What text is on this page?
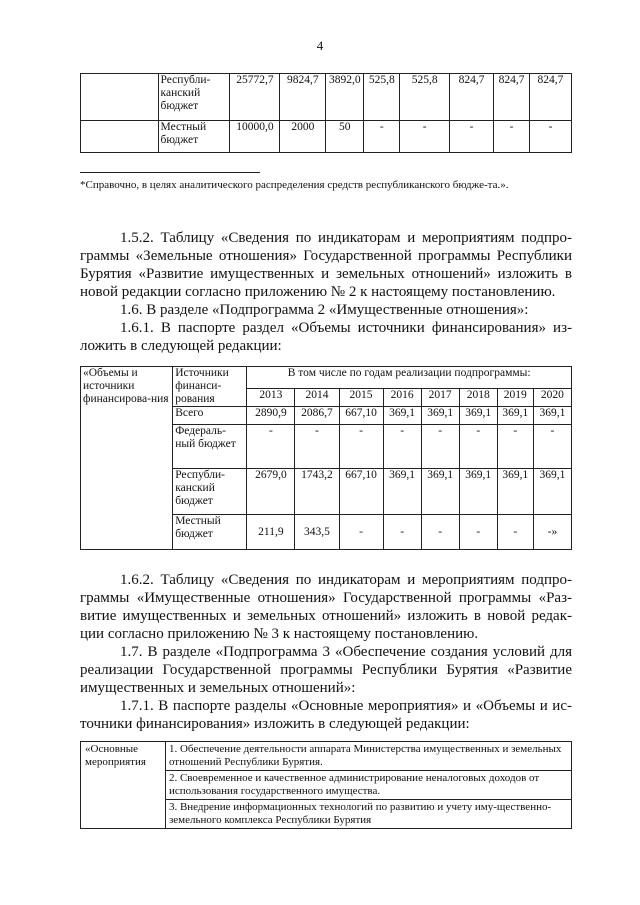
4
	Республи-канский бюджет	25772,7	9824,7	3892,0	525,8	525,8	824,7	824,7	824,7
	Местный бюджет	10000,0	2000	50	-	-	-	-	-
*Справочно, в целях аналитического распределения средств республиканского бюдже-та.».
1.5.2. Таблицу «Сведения по индикаторам и мероприятиям подпро-граммы «Земельные отношения» Государственной программы Республики Бурятия «Развитие имущественных и земельных отношений» изложить в новой редакции согласно приложению № 2 к настоящему постановлению.
1.6. В разделе «Подпрограмма 2 «Имущественные отношения»:
1.6.1. В паспорте раздел «Объемы источники финансирования» из-ложить в следующей редакции:
«Объемы и источники финансирова-ния	Источники финанси-рования	В том числе по годам реализации подпрограммы:							
		2013	2014	2015	2016	2017	2018	2019	2020
	Всего	2890,9	2086,7	667,10	369,1	369,1	369,1	369,1	369,1
	Федераль-ный бюджет	-	-	-	-	-	-	-	-
	Республи-канский бюджет	2679,0	1743,2	667,10	369,1	369,1	369,1	369,1	369,1
	Местный бюджет	211,9	343,5	-	-	-	-	-	-»
1.6.2. Таблицу «Сведения по индикаторам и мероприятиям подпро-граммы «Имущественные отношения» Государственной программы «Раз-витие имущественных и земельных отношений» изложить в новой редак-ции согласно приложению № 3 к настоящему постановлению.
1.7. В разделе «Подпрограмма 3 «Обеспечение создания условий для реализации Государственной программы Республики Бурятия «Развитие имущественных и земельных отношений»:
1.7.1. В паспорте разделы «Основные мероприятия» и «Объемы и ис-точники финансирования» изложить в следующей редакции:
«Основные мероприятия	
1. Обеспечение деятельности аппарата Министерства имущественных и земельных отношений Республики Бурятия.
2. Своевременное и качественное администрирование неналоговых доходов от использования государственного имущества.
3. Внедрение информационных технологий по развитию и учету иму-щественно-земельного комплекса Республики Бурятия
